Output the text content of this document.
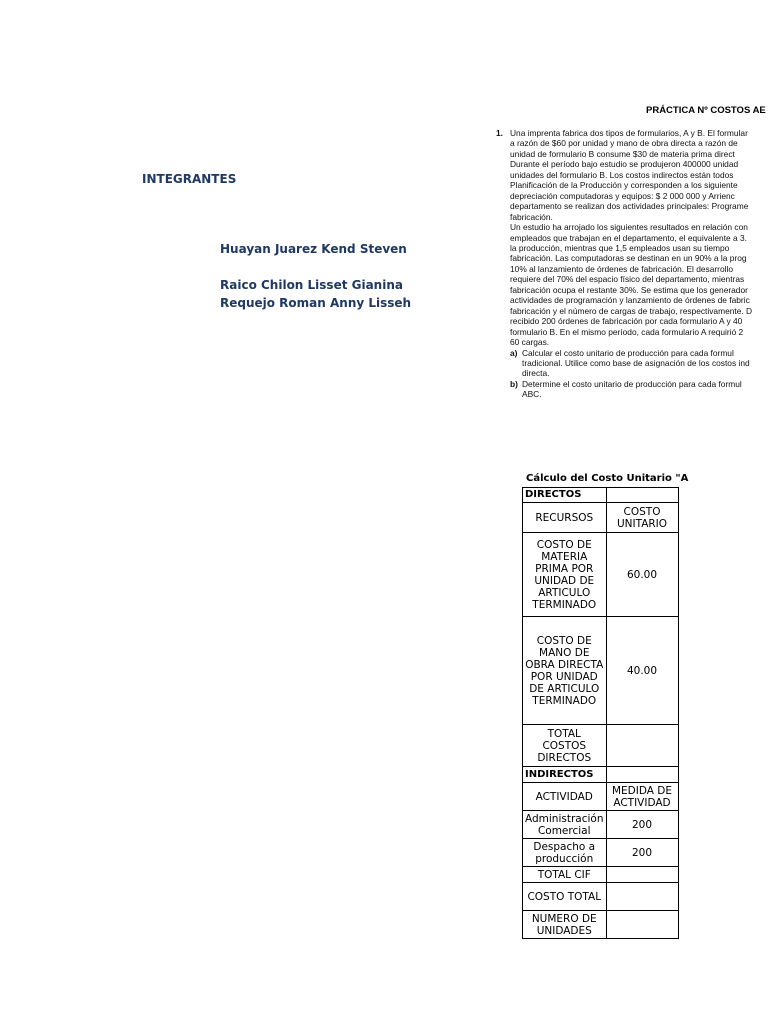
INTEGRANTES
Huayan Juarez Kend Steven
Raico Chilon Lisset Gianina
Requejo Roman Anny Lisseh
PRÁCTICA Nº COSTOS AE
1. Una imprenta fabrica dos tipos de formularios, A y B. El formular
a razón de $60 por unidad y mano de obra directa a razón de
unidad de formulario B consume $30 de materia prima direct
Durante el período bajo estudio se produjeron 400000 unidad
unidades del formulario B. Los costos indirectos están todos
Planificación de la Producción y corresponden a los siguiente
depreciación computadoras y equipos: $ 2 000 000 y Arrienc
departamento se realizan dos actividades principales: Programe
fabricación.
Un estudio ha arrojado los siguientes resultados en relación con
empleados que trabajan en el departamento, el equivalente a 3.
la producción, mientras que 1,5 empleados usan su tiempo
fabricación. Las computadoras se destinan en un 90% a la prog
10% al lanzamiento de órdenes de fabricación. El desarrollo
requiere del 70% del espacio físico del departamento, mientras
fabricación ocupa el restante 30%. Se estima que los generador
actividades de programación y lanzamiento de órdenes de fabric
fabricación y el número de cargas de trabajo, respectivamente. D
recibido 200 órdenes de fabricación por cada formulario A y 40
formulario B. En el mismo período, cada formulario A requirió 2
60 cargas.
a) Calcular el costo unitario de producción para cada formul
tradicional. Utilice como base de asignación de los costos ind
directa.
b) Determine el costo unitario de producción para cada formul
ABC.
Cálculo del Costo Unitario "A
DIRECTOS	
RECURSOS	COSTO UNITARIO
COSTO DE MATERIA PRIMA POR UNIDAD DE ARTICULO TERMINADO	60.00
COSTO DE MANO DE OBRA DIRECTA POR UNIDAD DE ARTICULO TERMINADO	40.00
TOTAL COSTOS DIRECTOS	
INDIRECTOS	
ACTIVIDAD	MEDIDA DE ACTIVIDAD
Administración Comercial	200
Despacho a producción	200
TOTAL CIF	
COSTO TOTAL	
NUMERO DE UNIDADES	
